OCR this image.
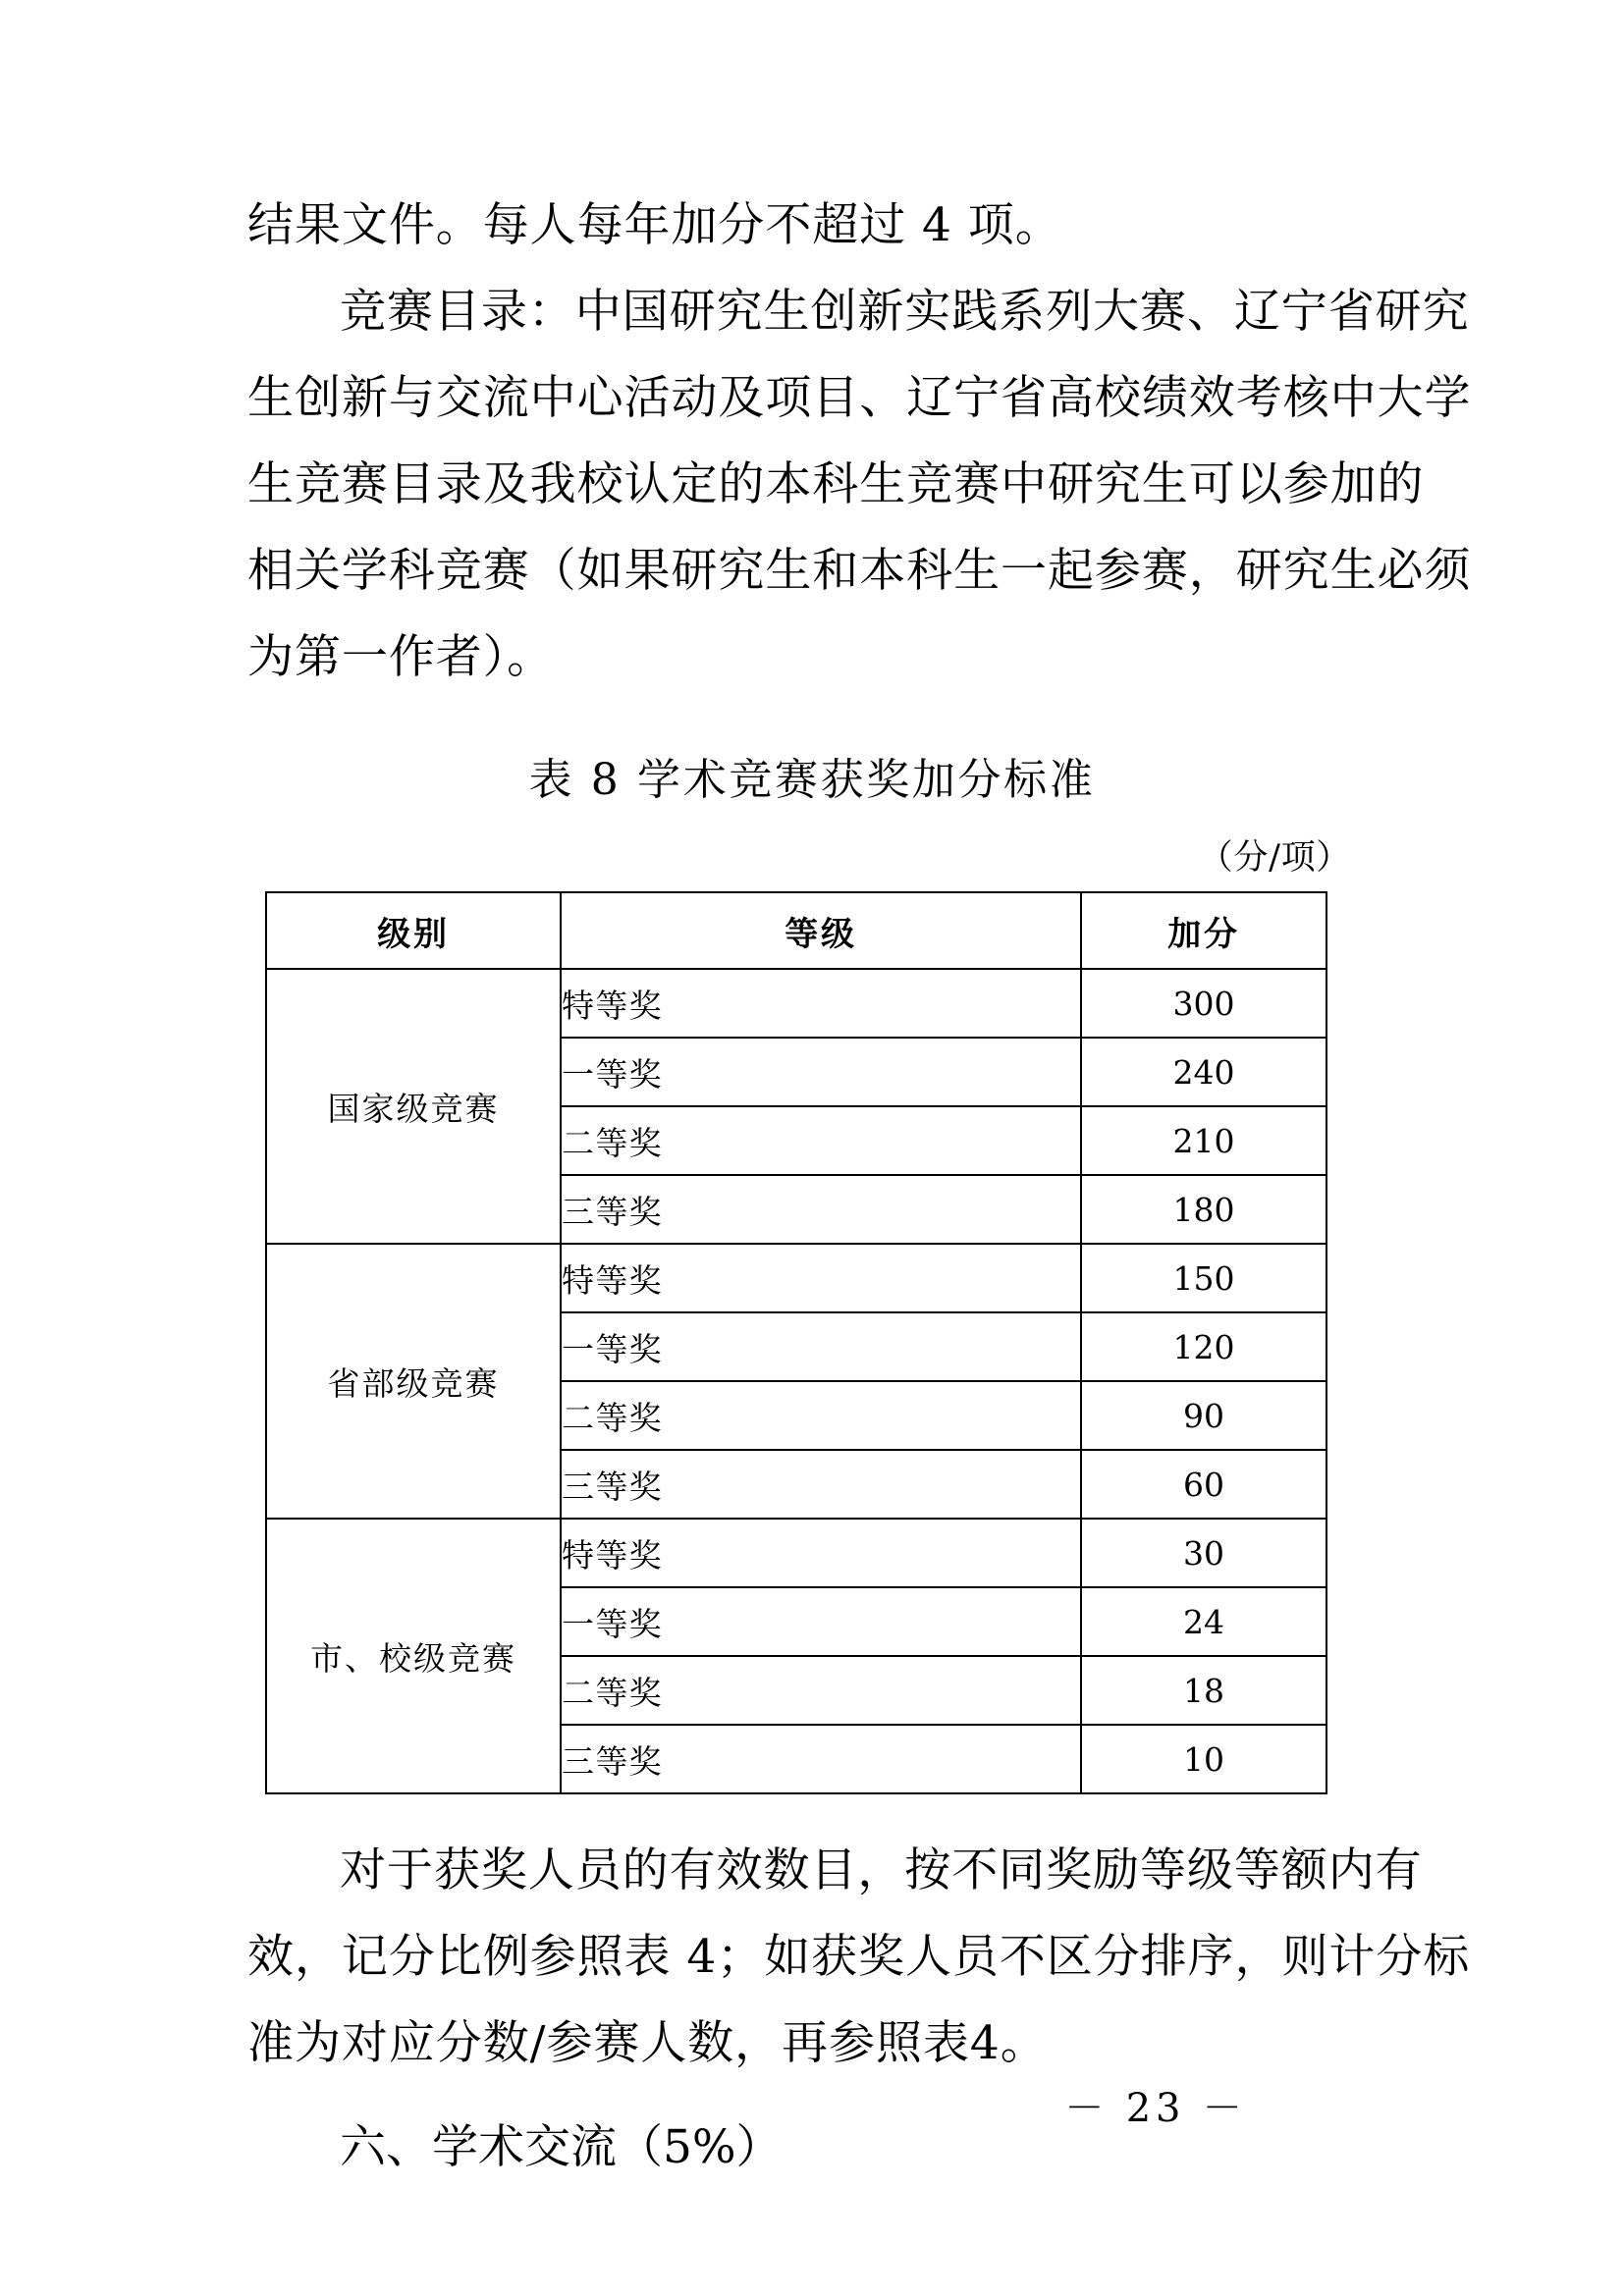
结果文件。每人每年加分不超过 4 项。
竞赛目录：中国研究生创新实践系列大赛、辽宁省研究
生创新与交流中心活动及项目、辽宁省高校绩效考核中大学
生竞赛目录及我校认定的本科生竞赛中研究生可以参加的
相关学科竞赛（如果研究生和本科生一起参赛，研究生必须
为第一作者）。
表 8 学术竞赛获奖加分标准
（分/项）
级别	等级	加分
国家级竞赛	特等奖	300
	一等奖	240
	二等奖	210
	三等奖	180
省部级竞赛	特等奖	150
	一等奖	120
	二等奖	90
	三等奖	60
市、校级竞赛	特等奖	30
	一等奖	24
	二等奖	18
	三等奖	10
对于获奖人员的有效数目，按不同奖励等级等额内有
效，记分比例参照表 4；如获奖人员不区分排序，则计分标
准为对应分数/参赛人数，再参照表4。
六、学术交流（5%）
－ 23 －
